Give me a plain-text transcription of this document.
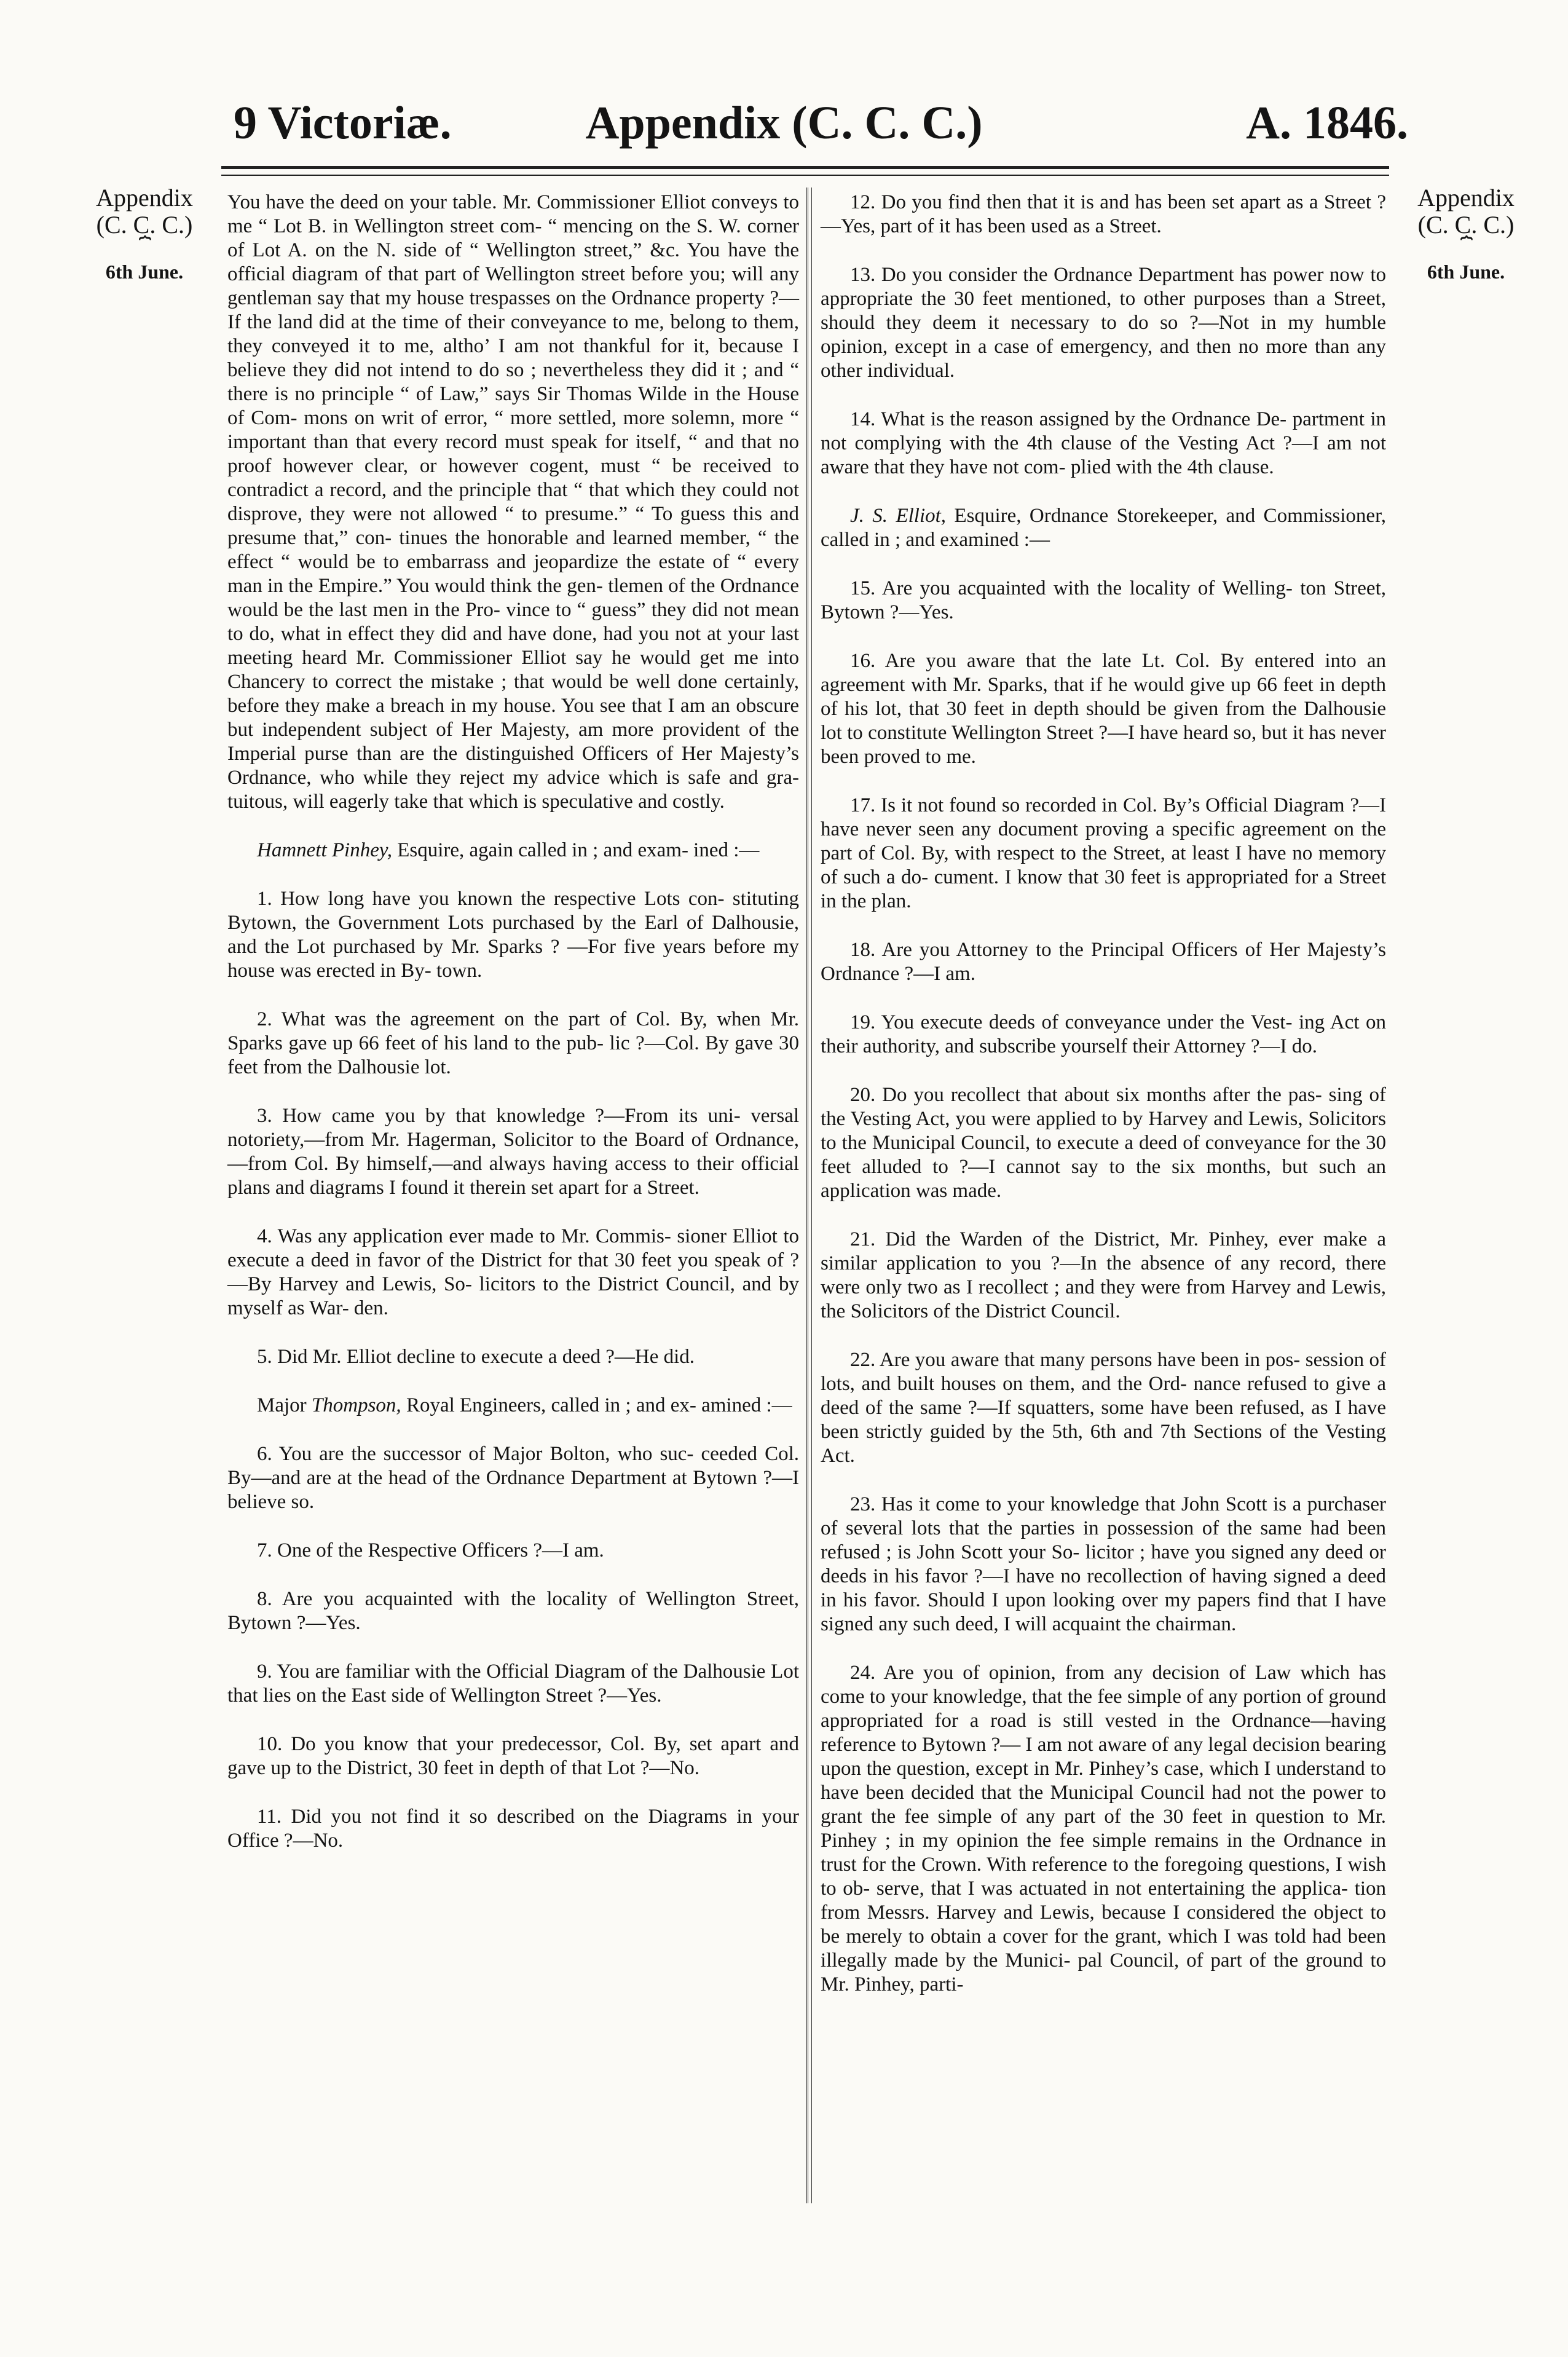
9 Victoriæ.	Appendix (C. C. C.)	A. 1846.
Appendix
(C. C. C.)
⏞
6th June.
Appendix
(C. C. C.)
⏞
6th June.

You have the deed on your table. Mr. Commissioner Elliot conveys to me “ Lot B. in Wellington street com- “ mencing on the S. W. corner of Lot A. on the N. side of “ Wellington street,” &c. You have the official diagram of that part of Wellington street before you; will any gentleman say that my house trespasses on the Ordnance property ?—If the land did at the time of their conveyance to me, belong to them, they conveyed it to me, altho’ I am not thankful for it, because I believe they did not intend to do so ; nevertheless they did it ; and “ there is no principle “ of Law,” says Sir Thomas Wilde in the House of Com- mons on writ of error, “ more settled, more solemn, more “ important than that every record must speak for itself, “ and that no proof however clear, or however cogent, must “ be received to contradict a record, and the principle that “ that which they could not disprove, they were not allowed “ to presume.” “ To guess this and presume that,” con- tinues the honorable and learned member, “ the effect “ would be to embarrass and jeopardize the estate of “ every man in the Empire.” You would think the gen- tlemen of the Ordnance would be the last men in the Pro- vince to “ guess” they did not mean to do, what in effect they did and have done, had you not at your last meeting heard Mr. Commissioner Elliot say he would get me into Chancery to correct the mistake ; that would be well done certainly, before they make a breach in my house. You see that I am an obscure but independent subject of Her Majesty, am more provident of the Imperial purse than are the distinguished Officers of Her Majesty’s Ordnance, who while they reject my advice which is safe and gra- tuitous, will eagerly take that which is speculative and costly.

Hamnett Pinhey, Esquire, again called in ; and exam- ined :—

1. How long have you known the respective Lots con- stituting Bytown, the Government Lots purchased by the Earl of Dalhousie, and the Lot purchased by Mr. Sparks ? —For five years before my house was erected in By- town.

2. What was the agreement on the part of Col. By, when Mr. Sparks gave up 66 feet of his land to the pub- lic ?—Col. By gave 30 feet from the Dalhousie lot.

3. How came you by that knowledge ?—From its uni- versal notoriety,—from Mr. Hagerman, Solicitor to the Board of Ordnance,—from Col. By himself,—and always having access to their official plans and diagrams I found it therein set apart for a Street.

4. Was any application ever made to Mr. Commis- sioner Elliot to execute a deed in favor of the District for that 30 feet you speak of ?—By Harvey and Lewis, So- licitors to the District Council, and by myself as War- den.

5. Did Mr. Elliot decline to execute a deed ?—He did.

Major Thompson, Royal Engineers, called in ; and ex- amined :—

6. You are the successor of Major Bolton, who suc- ceeded Col. By—and are at the head of the Ordnance Department at Bytown ?—I believe so.

7. One of the Respective Officers ?—I am.

8. Are you acquainted with the locality of Wellington Street, Bytown ?—Yes.

9. You are familiar with the Official Diagram of the Dalhousie Lot that lies on the East side of Wellington Street ?—Yes.

10. Do you know that your predecessor, Col. By, set apart and gave up to the District, 30 feet in depth of that Lot ?—No.

11. Did you not find it so described on the Diagrams in your Office ?—No.

12. Do you find then that it is and has been set apart as a Street ?—Yes, part of it has been used as a Street.

13. Do you consider the Ordnance Department has power now to appropriate the 30 feet mentioned, to other purposes than a Street, should they deem it necessary to do so ?—Not in my humble opinion, except in a case of emergency, and then no more than any other individual.

14. What is the reason assigned by the Ordnance De- partment in not complying with the 4th clause of the Vesting Act ?—I am not aware that they have not com- plied with the 4th clause.

J. S. Elliot, Esquire, Ordnance Storekeeper, and Commissioner, called in ; and examined :—

15. Are you acquainted with the locality of Welling- ton Street, Bytown ?—Yes.

16. Are you aware that the late Lt. Col. By entered into an agreement with Mr. Sparks, that if he would give up 66 feet in depth of his lot, that 30 feet in depth should be given from the Dalhousie lot to constitute Wellington Street ?—I have heard so, but it has never been proved to me.

17. Is it not found so recorded in Col. By’s Official Diagram ?—I have never seen any document proving a specific agreement on the part of Col. By, with respect to the Street, at least I have no memory of such a do- cument. I know that 30 feet is appropriated for a Street in the plan.

18. Are you Attorney to the Principal Officers of Her Majesty’s Ordnance ?—I am.

19. You execute deeds of conveyance under the Vest- ing Act on their authority, and subscribe yourself their Attorney ?—I do.

20. Do you recollect that about six months after the pas- sing of the Vesting Act, you were applied to by Harvey and Lewis, Solicitors to the Municipal Council, to execute a deed of conveyance for the 30 feet alluded to ?—I cannot say to the six months, but such an application was made.

21. Did the Warden of the District, Mr. Pinhey, ever make a similar application to you ?—In the absence of any record, there were only two as I recollect ; and they were from Harvey and Lewis, the Solicitors of the District Council.

22. Are you aware that many persons have been in pos- session of lots, and built houses on them, and the Ord- nance refused to give a deed of the same ?—If squatters, some have been refused, as I have been strictly guided by the 5th, 6th and 7th Sections of the Vesting Act.

23. Has it come to your knowledge that John Scott is a purchaser of several lots that the parties in possession of the same had been refused ; is John Scott your So- licitor ; have you signed any deed or deeds in his favor ?—I have no recollection of having signed a deed in his favor. Should I upon looking over my papers find that I have signed any such deed, I will acquaint the chairman.

24. Are you of opinion, from any decision of Law which has come to your knowledge, that the fee simple of any portion of ground appropriated for a road is still vested in the Ordnance—having reference to Bytown ?— I am not aware of any legal decision bearing upon the question, except in Mr. Pinhey’s case, which I understand to have been decided that the Municipal Council had not the power to grant the fee simple of any part of the 30 feet in question to Mr. Pinhey ; in my opinion the fee simple remains in the Ordnance in trust for the Crown. With reference to the foregoing questions, I wish to ob- serve, that I was actuated in not entertaining the applica- tion from Messrs. Harvey and Lewis, because I considered the object to be merely to obtain a cover for the grant, which I was told had been illegally made by the Munici- pal Council, of part of the ground to Mr. Pinhey, parti-
